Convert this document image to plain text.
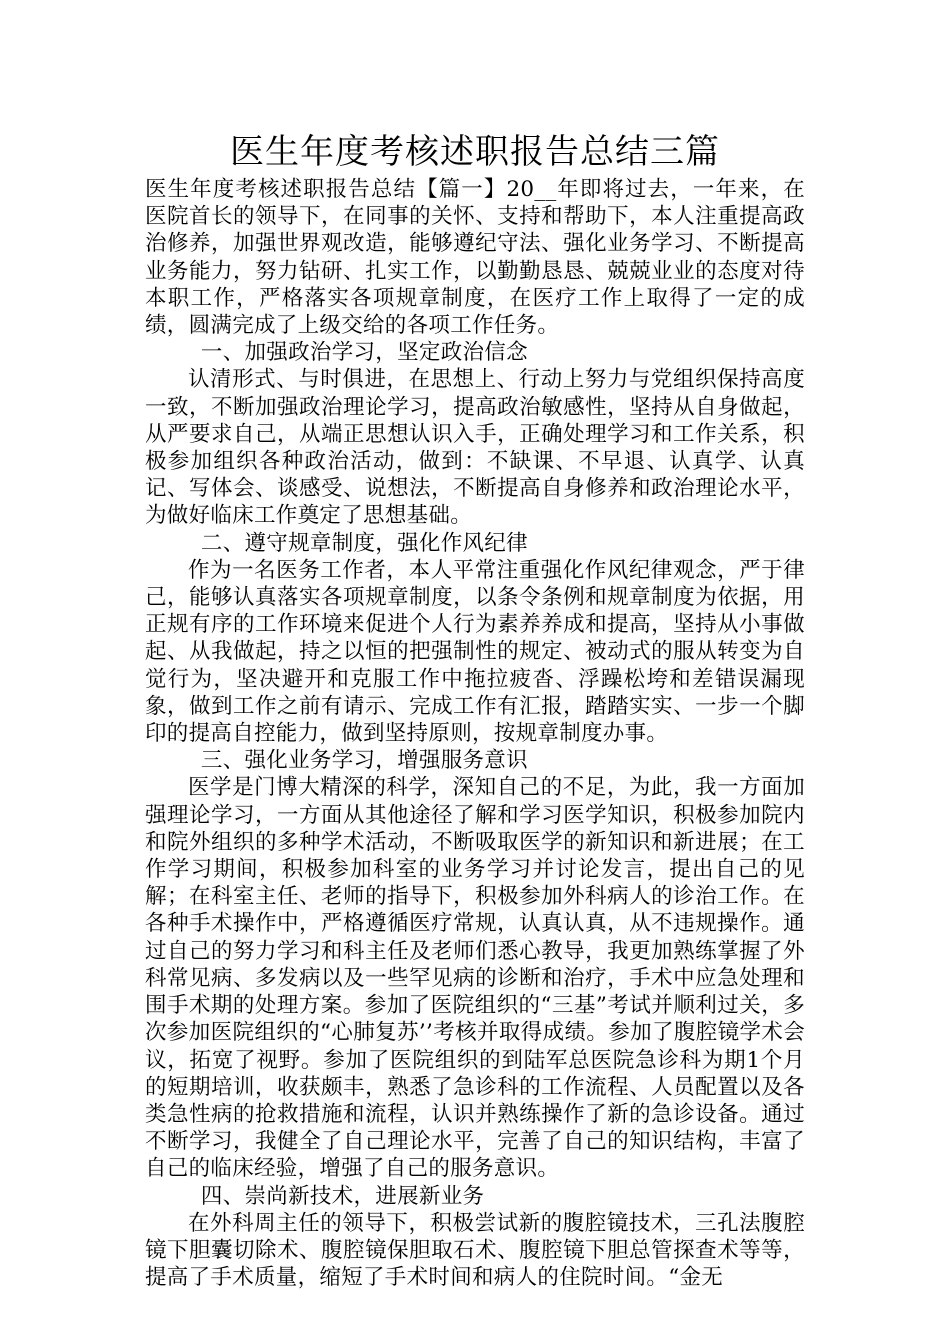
医生年度考核述职报告总结三篇

医生年度考核述职报告总结【篇一】20__年即将过去，一年来，在医院首长的领导下，在同事的关怀、支持和帮助下，本人注重提高政治修养，加强世界观改造，能够遵纪守法、强化业务学习、不断提高业务能力，努力钻研、扎实工作，以勤勤恳恳、兢兢业业的态度对待本职工作，严格落实各项规章制度，在医疗工作上取得了一定的成绩，圆满完成了上级交给的各项工作任务。

一、加强政治学习，坚定政治信念

认清形式、与时俱进，在思想上、行动上努力与党组织保持高度一致，不断加强政治理论学习，提高政治敏感性，坚持从自身做起，从严要求自己，从端正思想认识入手，正确处理学习和工作关系，积极参加组织各种政治活动，做到：不缺课、不早退、认真学、认真记、写体会、谈感受、说想法，不断提高自身修养和政治理论水平，为做好临床工作奠定了思想基础。

二、遵守规章制度，强化作风纪律

作为一名医务工作者，本人平常注重强化作风纪律观念，严于律己，能够认真落实各项规章制度，以条令条例和规章制度为依据，用正规有序的工作环境来促进个人行为素养养成和提高，坚持从小事做起、从我做起，持之以恒的把强制性的规定、被动式的服从转变为自觉行为，坚决避开和克服工作中拖拉疲沓、浮躁松垮和差错误漏现象，做到工作之前有请示、完成工作有汇报，踏踏实实、一步一个脚印的提高自控能力，做到坚持原则，按规章制度办事。

三、强化业务学习，增强服务意识

医学是门博大精深的科学，深知自己的不足，为此，我一方面加强理论学习，一方面从其他途径了解和学习医学知识，积极参加院内和院外组织的多种学术活动，不断吸取医学的新知识和新进展；在工作学习期间，积极参加科室的业务学习并讨论发言，提出自己的见解；在科室主任、老师的指导下，积极参加外科病人的诊治工作。在各种手术操作中，严格遵循医疗常规，认真认真，从不违规操作。通过自己的努力学习和科主任及老师们悉心教导，我更加熟练掌握了外科常见病、多发病以及一些罕见病的诊断和治疗，手术中应急处理和围手术期的处理方案。参加了医院组织的“三基”考试并顺利过关，多次参加医院组织的“心肺复苏’’考核并取得成绩。参加了腹腔镜学术会议，拓宽了视野。参加了医院组织的到陆军总医院急诊科为期1个月的短期培训，收获颇丰，熟悉了急诊科的工作流程、人员配置以及各类急性病的抢救措施和流程，认识并熟练操作了新的急诊设备。通过不断学习，我健全了自己理论水平，完善了自己的知识结构，丰富了自己的临床经验，增强了自己的服务意识。

四、崇尚新技术，进展新业务

在外科周主任的领导下，积极尝试新的腹腔镜技术，三孔法腹腔镜下胆囊切除术、腹腔镜保胆取石术、腹腔镜下胆总管探查术等等，提高了手术质量，缩短了手术时间和病人的住院时间。“金无
